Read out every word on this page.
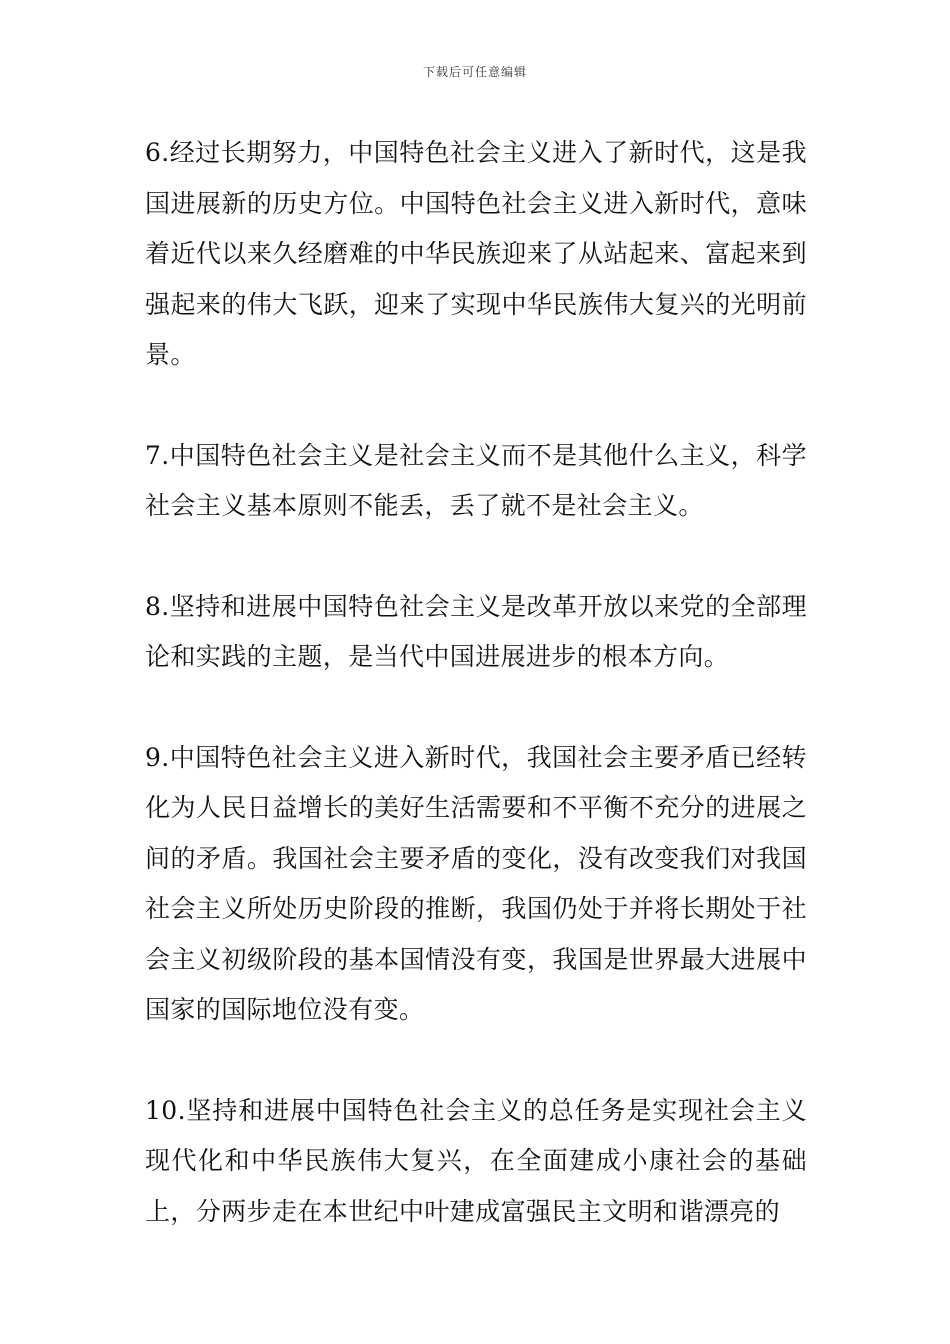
下载后可任意编辑

6.经过长期努力，中国特色社会主义进入了新时代，这是我国进展新的历史方位。中国特色社会主义进入新时代，意味着近代以来久经磨难的中华民族迎来了从站起来、富起来到强起来的伟大飞跃，迎来了实现中华民族伟大复兴的光明前景。

7.中国特色社会主义是社会主义而不是其他什么主义，科学社会主义基本原则不能丢，丢了就不是社会主义。

8.坚持和进展中国特色社会主义是改革开放以来党的全部理论和实践的主题，是当代中国进展进步的根本方向。

9.中国特色社会主义进入新时代，我国社会主要矛盾已经转化为人民日益增长的美好生活需要和不平衡不充分的进展之间的矛盾。我国社会主要矛盾的变化，没有改变我们对我国社会主义所处历史阶段的推断，我国仍处于并将长期处于社会主义初级阶段的基本国情没有变，我国是世界最大进展中国家的国际地位没有变。

10.坚持和进展中国特色社会主义的总任务是实现社会主义现代化和中华民族伟大复兴，在全面建成小康社会的基础上，分两步走在本世纪中叶建成富强民主文明和谐漂亮的
